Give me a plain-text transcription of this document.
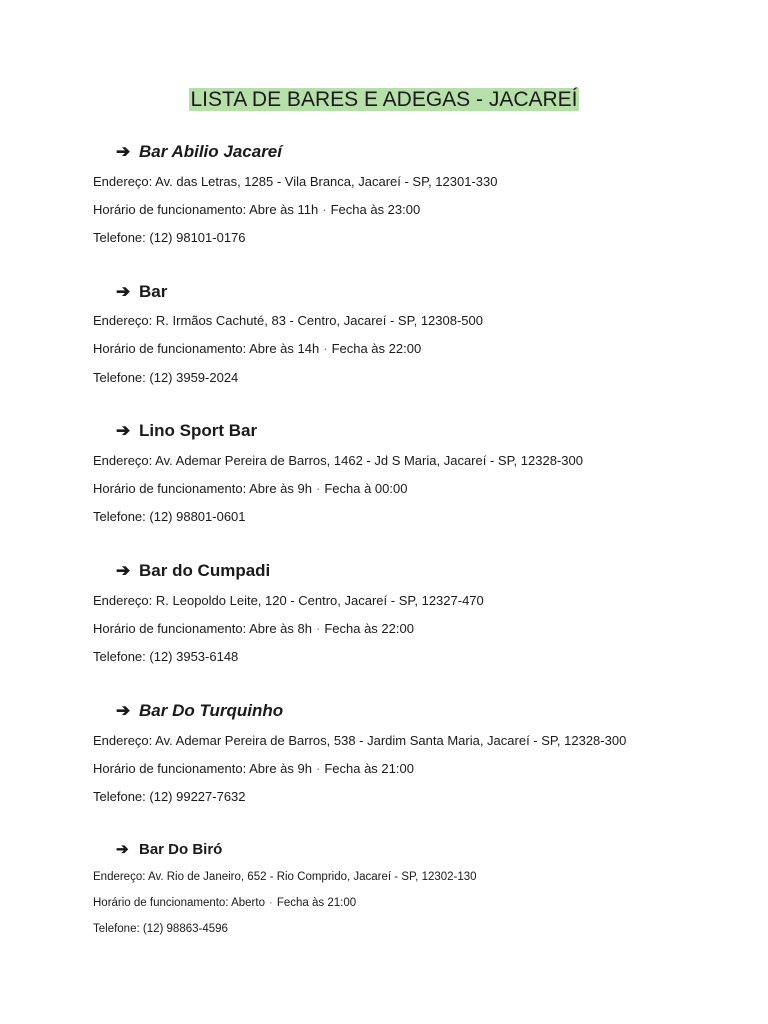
LISTA DE BARES E ADEGAS - JACAREÍ
➔ Bar Abilio Jacareí
Endereço: Av. das Letras, 1285 - Vila Branca, Jacareí - SP, 12301-330
Horário de funcionamento: Abre às 11h · Fecha às 23:00
Telefone: (12) 98101-0176
➔ Bar
Endereço: R. Irmãos Cachuté, 83 - Centro, Jacareí - SP, 12308-500
Horário de funcionamento: Abre às 14h · Fecha às 22:00
Telefone: (12) 3959-2024
➔ Lino Sport Bar
Endereço: Av. Ademar Pereira de Barros, 1462 - Jd S Maria, Jacareí - SP, 12328-300
Horário de funcionamento: Abre às 9h · Fecha à 00:00
Telefone: (12) 98801-0601
➔ Bar do Cumpadi
Endereço: R. Leopoldo Leite, 120 - Centro, Jacareí - SP, 12327-470
Horário de funcionamento: Abre às 8h · Fecha às 22:00
Telefone: (12) 3953-6148
➔ Bar Do Turquinho
Endereço: Av. Ademar Pereira de Barros, 538 - Jardim Santa Maria, Jacareí - SP, 12328-300
Horário de funcionamento: Abre às 9h · Fecha às 21:00
Telefone: (12) 99227-7632
➔ Bar Do Biró
Endereço: Av. Rio de Janeiro, 652 - Rio Comprido, Jacareí - SP, 12302-130
Horário de funcionamento: Aberto · Fecha às 21:00
Telefone: (12) 98863-4596
